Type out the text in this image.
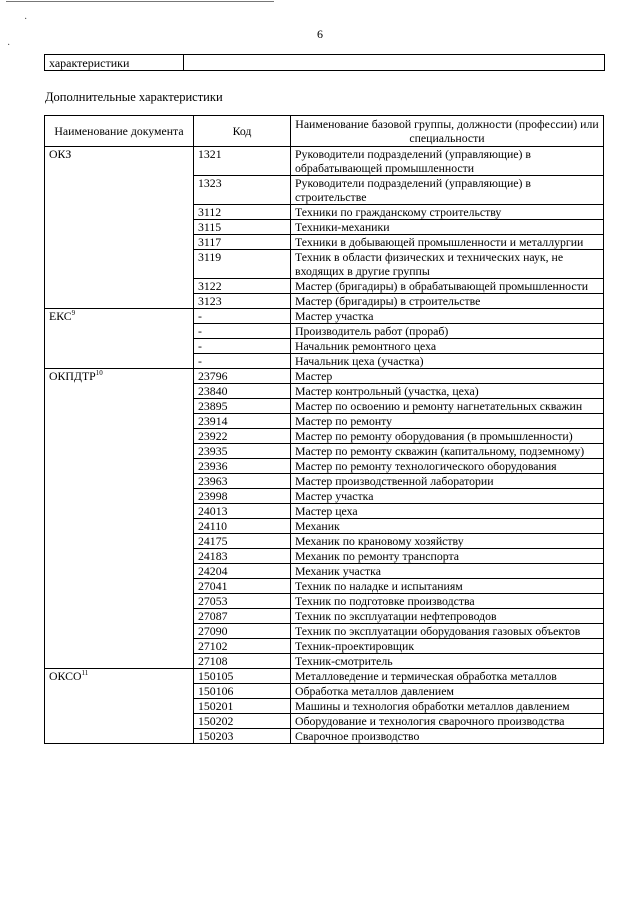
·
·
6
характеристики	
Дополнительные характеристики
Наименование документа	Код	Наименование базовой группы, должности (профессии) или специальности
ОКЗ	1321	Руководители подразделений (управляющие) в обрабатывающей промышленности
	1323	Руководители подразделений (управляющие) в строительстве
	3112	Техники по гражданскому строительству
	3115	Техники-механики
	3117	Техники в добывающей промышленности и металлургии
	3119	Техник в области физических и технических наук, не входящих в другие группы
	3122	Мастер (бригадиры) в обрабатывающей промышленности
	3123	Мастер (бригадиры) в строительстве
ЕКС$^9$	-	Мастер участка
	-	Производитель работ (прораб)
	-	Начальник ремонтного цеха
	-	Начальник цеха (участка)
ОКПДТР$^{10}$	23796	Мастер
	23840	Мастер контрольный (участка, цеха)
	23895	Мастер по освоению и ремонту нагнетательных скважин
	23914	Мастер по ремонту
	23922	Мастер по ремонту оборудования (в промышленности)
	23935	Мастер по ремонту скважин (капитальному, подземному)
	23936	Мастер по ремонту технологического оборудования
	23963	Мастер производственной лаборатории
	23998	Мастер участка
	24013	Мастер цеха
	24110	Механик
	24175	Механик по крановому хозяйству
	24183	Механик по ремонту транспорта
	24204	Механик участка
	27041	Техник по наладке и испытаниям
	27053	Техник по подготовке производства
	27087	Техник по эксплуатации нефтепроводов
	27090	Техник по эксплуатации оборудования газовых объектов
	27102	Техник-проектировщик
	27108	Техник-смотритель
ОКСО$^{11}$	150105	Металловедение и термическая обработка металлов
	150106	Обработка металлов давлением
	150201	Машины и технология обработки металлов давлением
	150202	Оборудование и технология сварочного производства
	150203	Сварочное производство
